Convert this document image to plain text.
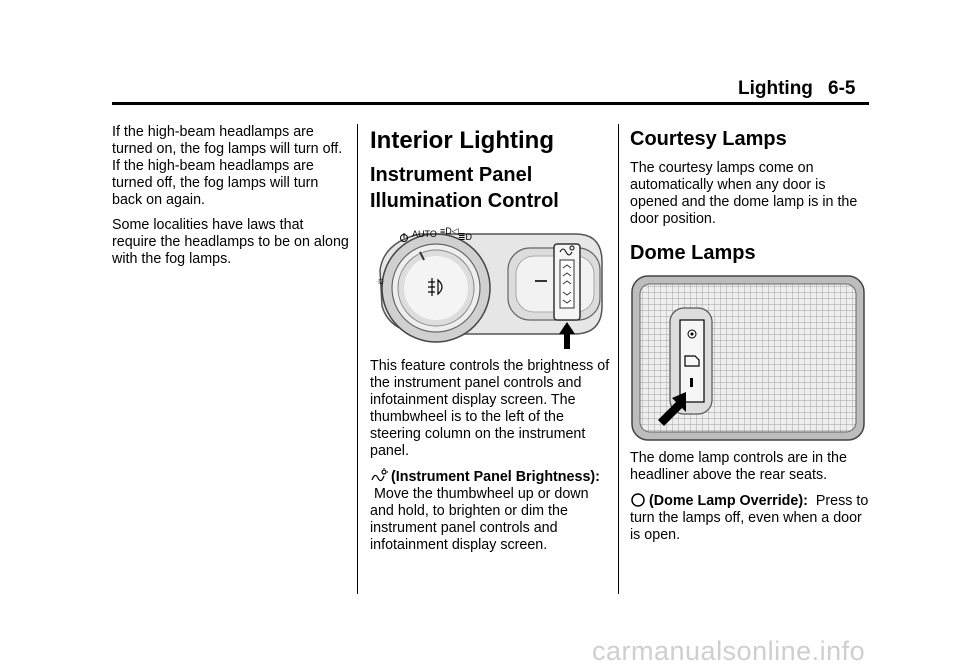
Lighting 6-5

If the high-beam headlamps are turned on, the fog lamps will turn off. If the high-beam headlamps are turned off, the fog lamps will turn back on again.

Some localities have laws that require the headlamps to be on along with the fog lamps.

Interior Lighting
Instrument Panel Illumination Control
AUTO ≡D◁
≣D
☼

This feature controls the brightness of the instrument panel controls and infotainment display screen. The thumbwheel is to the left of the steering column on the instrument panel.

(Instrument Panel Brightness):  Move the thumbwheel up or down and hold, to brighten or dim the instrument panel controls and infotainment display screen.

Courtesy Lamps

The courtesy lamps come on automatically when any door is opened and the dome lamp is in the door position.

Dome Lamps

The dome lamp controls are in the headliner above the rear seats.

(Dome Lamp Override): Press to turn the lamps off, even when a door is open.

carmanualsonline.info
